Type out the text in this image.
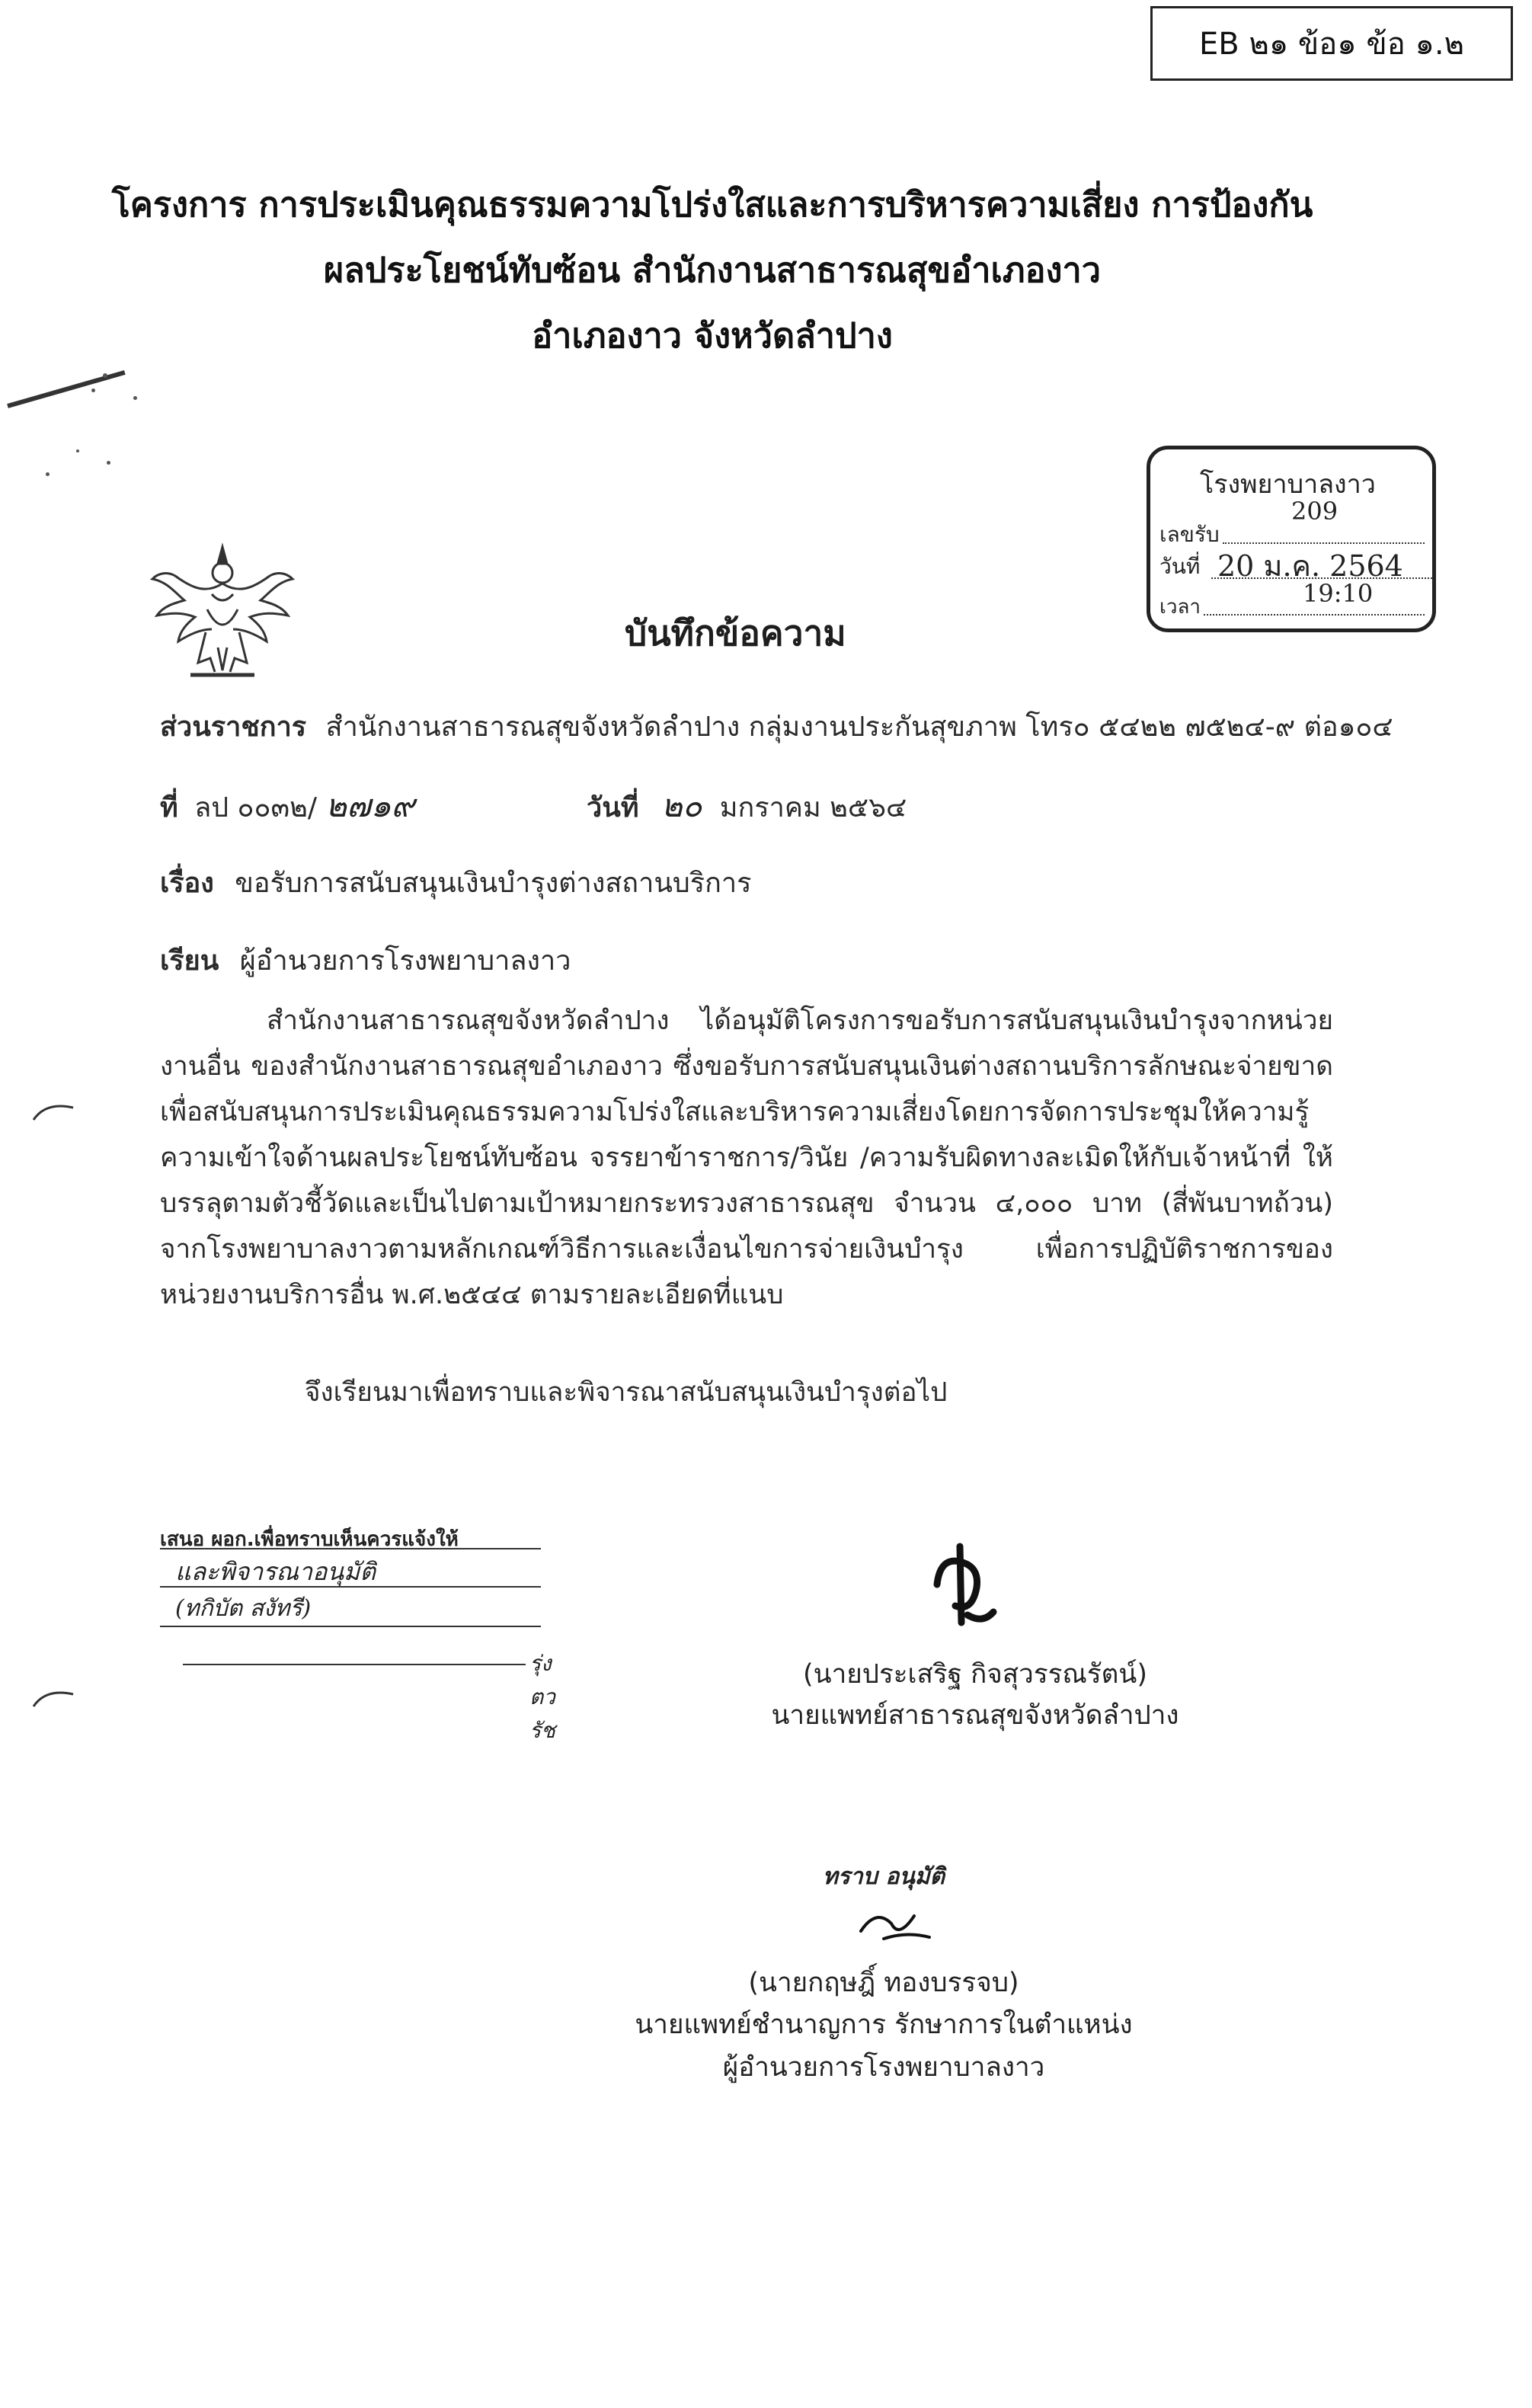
EB ๒๑ ข้อ๑ ข้อ ๑.๒
โครงการ การประเมินคุณธรรมความโปร่งใสและการบริหารความเสี่ยง การป้องกัน
ผลประโยชน์ทับซ้อน สำนักงานสาธารณสุขอำเภองาว
อำเภองาว จังหวัดลำปาง
โรงพยาบาลงาว
209
เลขรับ
วันที่ 20 ม.ค. 2564
เวลา	19:10
บันทึกข้อความ
ส่วนราชการ สำนักงานสาธารณสุขจังหวัดลำปาง กลุ่มงานประกันสุขภาพ โทร๐ ๕๔๒๒ ๗๕๒๔-๙ ต่อ๑๐๔
ที่ ลป ๐๐๓๒/ ๒๗๑๙	วันที่ ๒๐ มกราคม ๒๕๖๔
เรื่อง ขอรับการสนับสนุนเงินบำรุงต่างสถานบริการ
เรียน ผู้อำนวยการโรงพยาบาลงาว

สำนักงานสาธารณสุขจังหวัดลำปาง ได้อนุมัติโครงการขอรับการสนับสนุนเงินบำรุงจากหน่วยงานอื่น ของสำนักงานสาธารณสุขอำเภองาว ซึ่งขอรับการสนับสนุนเงินต่างสถานบริการลักษณะจ่ายขาด เพื่อสนับสนุนการประเมินคุณธรรมความโปร่งใสและบริหารความเสี่ยงโดยการจัดการประชุมให้ความรู้ ความเข้าใจด้านผลประโยชน์ทับซ้อน จรรยาข้าราชการ/วินัย /ความรับผิดทางละเมิดให้กับเจ้าหน้าที่ ให้บรรลุตามตัวชี้วัดและเป็นไปตามเป้าหมายกระทรวงสาธารณสุข จำนวน ๔,๐๐๐ บาท (สี่พันบาทถ้วน) จากโรงพยาบาลงาวตามหลักเกณฑ์วิธีการและเงื่อนไขการจ่ายเงินบำรุง เพื่อการปฏิบัติราชการของหน่วยงานบริการอื่น พ.ศ.๒๕๔๔ ตามรายละเอียดที่แนบ

จึงเรียนมาเพื่อทราบและพิจารณาสนับสนุนเงินบำรุงต่อไป
เสนอ ผอก.เพื่อทราบเห็นควรแจ้งให้
และพิจารณาอนุมัติ
(ทกิบัต สงัทรี)
รุ่งตวรัช
(นายประเสริฐ กิจสุวรรณรัตน์)
นายแพทย์สาธารณสุขจังหวัดลำปาง
ทราบ อนุมัติ
(นายกฤษฎิ์ ทองบรรจบ)
นายแพทย์ชำนาญการ รักษาการในตำแหน่ง
ผู้อำนวยการโรงพยาบาลงาว
